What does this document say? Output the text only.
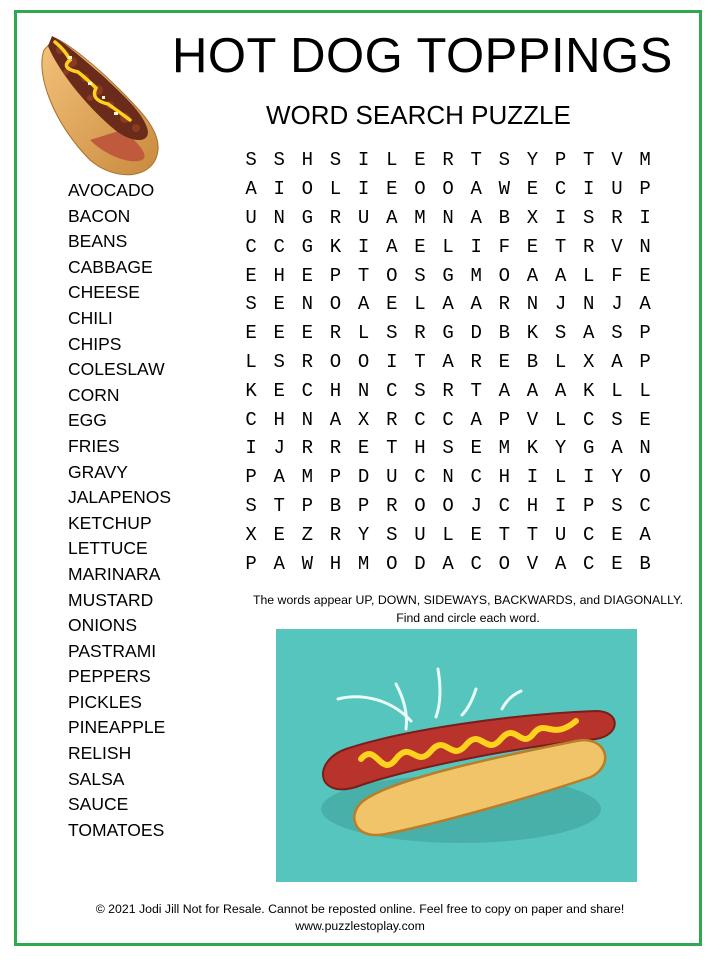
HOT DOG TOPPINGS
WORD SEARCH PUZZLE
AVOCADO
BACON
BEANS
CABBAGE
CHEESE
CHILI
CHIPS
COLESLAW
CORN
EGG
FRIES
GRAVY
JALAPENOS
KETCHUP
LETTUCE
MARINARA
MUSTARD
ONIONS
PASTRAMI
PEPPERS
PICKLES
PINEAPPLE
RELISH
SALSA
SAUCE
TOMATOES
S S H S I L E R T S Y P T V M
A I O L I E O O A W E C I U P
U N G R U A M N A B X I S R I
C C G K I A E L I F E T R V N
E H E P T O S G M O A A L F E
S E N O A E L A A R N J N J A
E E E R L S R G D B K S A S P
L S R O O I T A R E B L X A P
K E C H N C S R T A A A K L L
C H N A X R C C A P V L C S E
I J R R E T H S E M K Y G A N
P A M P D U C N C H I L I Y O
S T P B P R O O J C H I P S C
X E Z R Y S U L E T T U C E A
P A W H M O D A C O V A C E B
The words appear UP, DOWN, SIDEWAYS, BACKWARDS, and DIAGONALLY.
Find and circle each word.
© 2021 Jodi Jill Not for Resale. Cannot be reposted online. Feel free to copy on paper and share!
www.puzzlestoplay.com
